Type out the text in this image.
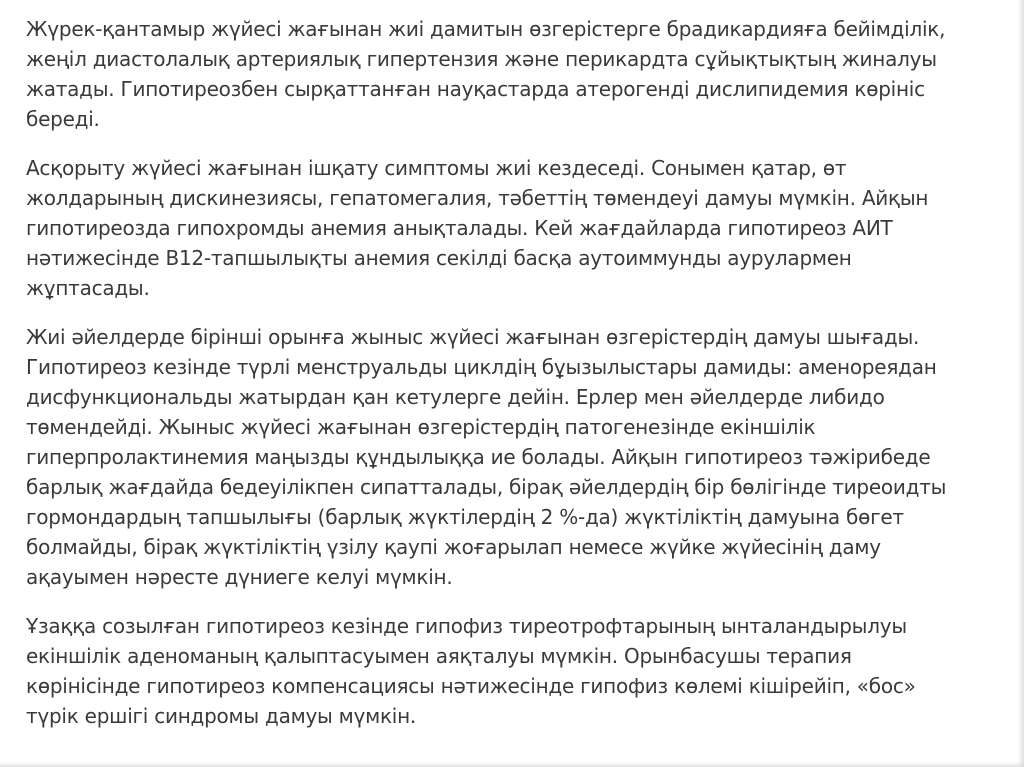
Жүрек-қантамыр жүйесі жағынан жиі дамитын өзгерістерге брадикардияға бейімділік,
жеңіл диастолалық артериялық гипертензия және перикардта сұйықтықтың жиналуы
жатады. Гипотиреозбен сырқаттанған науқастарда атерогенді дислипидемия көрініс
береді.

Асқорыту жүйесі жағынан ішқату симптомы жиі кездеседі. Сонымен қатар, өт
жолдарының дискинезиясы, гепатомегалия, тәбеттің төмендеуі дамуы мүмкін. Айқын
гипотиреозда гипохромды анемия анықталады. Кей жағдайларда гипотиреоз АИТ
нәтижесінде B12-тапшылықты анемия секілді басқа аутоиммунды аурулармен
жұптасады.

Жиі әйелдерде бірінші орынға жыныс жүйесі жағынан өзгерістердің дамуы шығады.
Гипотиреоз кезінде түрлі менструальды циклдің бұызылыстары дамиды: аменореядан
дисфункциональды жатырдан қан кетулерге дейін. Ерлер мен әйелдерде либидо
төмендейді. Жыныс жүйесі жағынан өзгерістердің патогенезінде екіншілік
гиперпролактинемия маңызды құндылыққа ие болады. Айқын гипотиреоз тәжірибеде
барлық жағдайда бедеуілікпен сипатталады, бірақ әйелдердің бір бөлігінде тиреоидты
гормондардың тапшылығы (барлық жүктілердің 2 %-да) жүктіліктің дамуына бөгет
болмайды, бірақ жүктіліктің үзілу қаупі жоғарылап немесе жүйке жүйесінің даму
ақауымен нәресте дүниеге келуі мүмкін.

Ұзаққа созылған гипотиреоз кезінде гипофиз тиреотрофтарының ынталандырылуы
екіншілік аденоманың қалыптасуымен аяқталуы мүмкін. Орынбасушы терапия
көрінісінде гипотиреоз компенсациясы нәтижесінде гипофиз көлемі кішірейіп, «бос»
түрік ершігі синдромы дамуы мүмкін.
